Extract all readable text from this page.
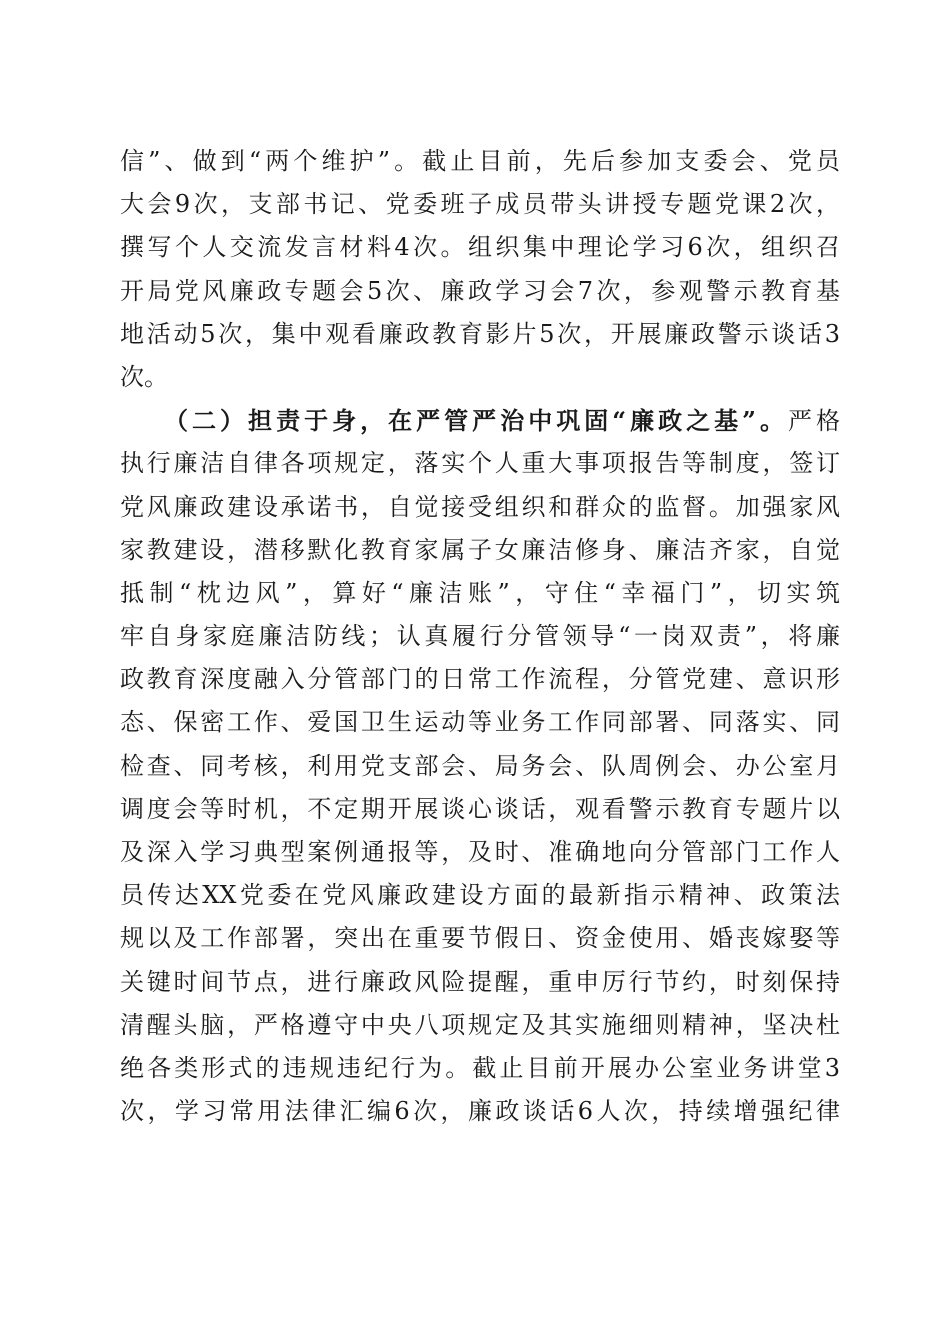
信”、做到“两个维护”。截止目前，先后参加支委会、党员
大会9次，支部书记、党委班子成员带头讲授专题党课2次，
撰写个人交流发言材料4次。组织集中理论学习6次，组织召
开局党风廉政专题会5次、廉政学习会7次，参观警示教育基
地活动5次，集中观看廉政教育影片5次，开展廉政警示谈话3
次。
（二）担责于身，在严管严治中巩固“廉政之基”。严格
执行廉洁自律各项规定，落实个人重大事项报告等制度，签订
党风廉政建设承诺书，自觉接受组织和群众的监督。加强家风
家教建设，潜移默化教育家属子女廉洁修身、廉洁齐家，自觉
抵制“枕边风”，算好“廉洁账”，守住“幸福门”，切实筑
牢自身家庭廉洁防线；认真履行分管领导“一岗双责”，将廉
政教育深度融入分管部门的日常工作流程，分管党建、意识形
态、保密工作、爱国卫生运动等业务工作同部署、同落实、同
检查、同考核，利用党支部会、局务会、队周例会、办公室月
调度会等时机，不定期开展谈心谈话，观看警示教育专题片以
及深入学习典型案例通报等，及时、准确地向分管部门工作人
员传达XX党委在党风廉政建设方面的最新指示精神、政策法
规以及工作部署，突出在重要节假日、资金使用、婚丧嫁娶等
关键时间节点，进行廉政风险提醒，重申厉行节约，时刻保持
清醒头脑，严格遵守中央八项规定及其实施细则精神，坚决杜
绝各类形式的违规违纪行为。截止目前开展办公室业务讲堂3
次，学习常用法律汇编6次，廉政谈话6人次，持续增强纪律
